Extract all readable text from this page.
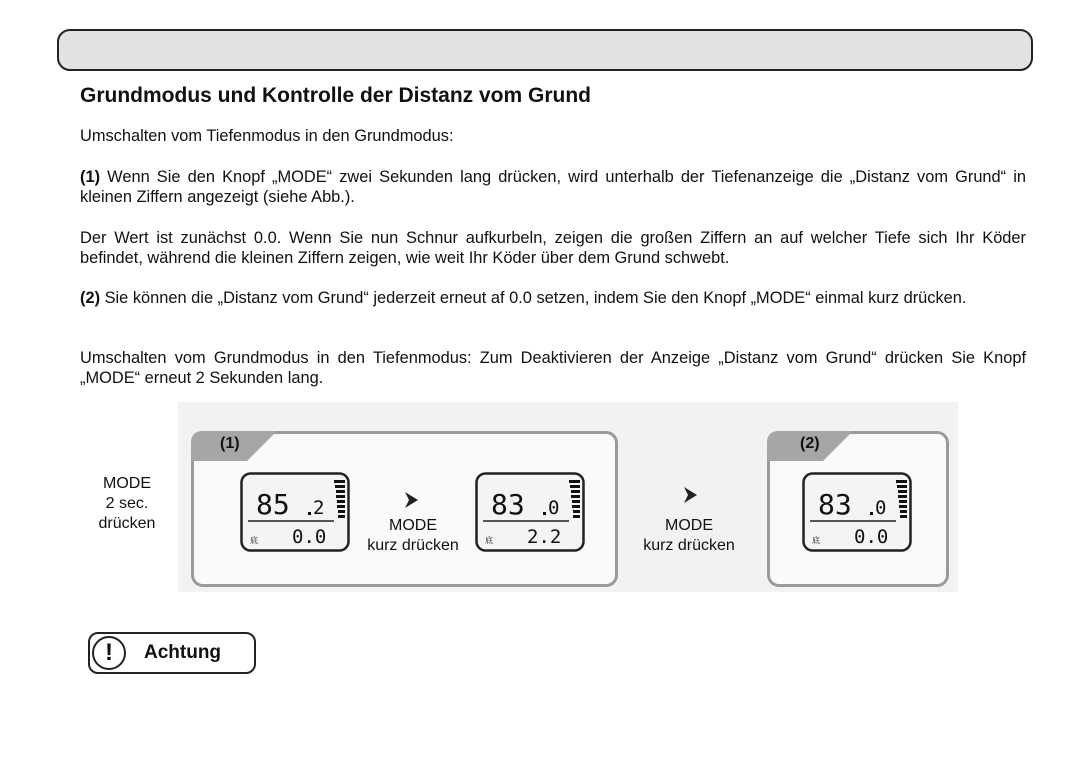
Grundmodus und Kontrolle der Distanz vom Grund

Umschalten vom Tiefenmodus in den Grundmodus:

(1) Wenn Sie den Knopf „MODE“ zwei Sekunden lang drücken, wird unterhalb der Tiefenanzeige die „Distanz vom Grund“ in kleinen Ziffern angezeigt (siehe Abb.).

Der Wert ist zunächst 0.0. Wenn Sie nun Schnur aufkurbeln, zeigen die großen Ziffern an auf welcher Tiefe sich Ihr Köder befindet, während die kleinen Ziffern zeigen, wie weit Ihr Köder über dem Grund schwebt.

(2) Sie können die „Distanz vom Grund“ jederzeit erneut af 0.0 setzen, indem Sie den Knopf „MODE“ einmal kurz drücken.

Umschalten vom Grundmodus in den Tiefenmodus: Zum Deaktivieren der Anzeige „Distanz vom Grund“ drücken Sie Knopf „MODE“ erneut 2 Sekunden lang.

(1)	(2)
MODE
2 sec.
drücken
85 2
底 0.0
83 0
底 2.2
83 0
底 0.0
MODE
kurz drücken
MODE
kurz drücken
!	Achtung
